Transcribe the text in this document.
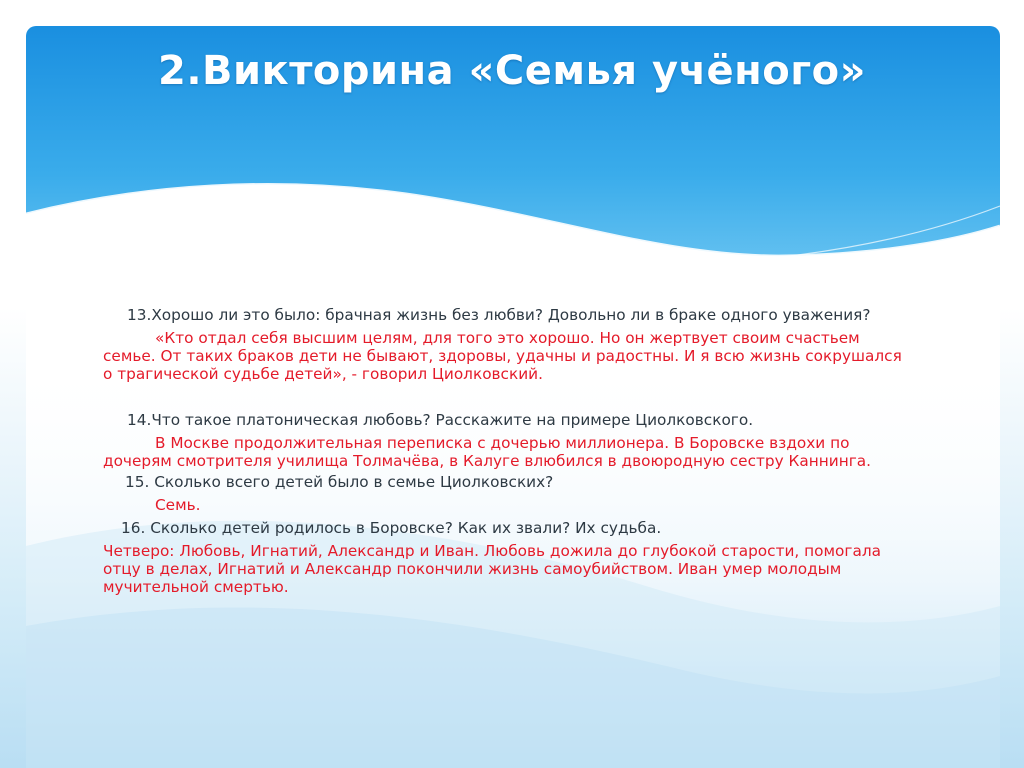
2.Викторина «Семья учёного»

13.Хорошо ли это было: брачная жизнь без любви? Довольно ли в браке одного уважения?

«Кто отдал себя высшим целям, для того это хорошо. Но он жертвует своим счастьем семье. От таких браков дети не бывают, здоровы, удачны и радостны. И я всю жизнь сокрушался о трагической судьбе детей», - говорил Циолковский.

14.Что такое платоническая любовь? Расскажите на примере Циолковского.

В Москве продолжительная переписка с дочерью миллионера. В Боровске вздохи по дочерям смотрителя училища Толмачёва, в Калуге влюбился в двоюродную сестру Каннинга.

15. Сколько всего детей было в семье Циолковских?

Семь.

16. Сколько детей родилось в Боровске? Как их звали? Их судьба.

Четверо: Любовь, Игнатий, Александр и Иван. Любовь дожила до глубокой старости, помогала отцу в делах, Игнатий и Александр покончили жизнь самоубийством. Иван умер молодым мучительной смертью.
